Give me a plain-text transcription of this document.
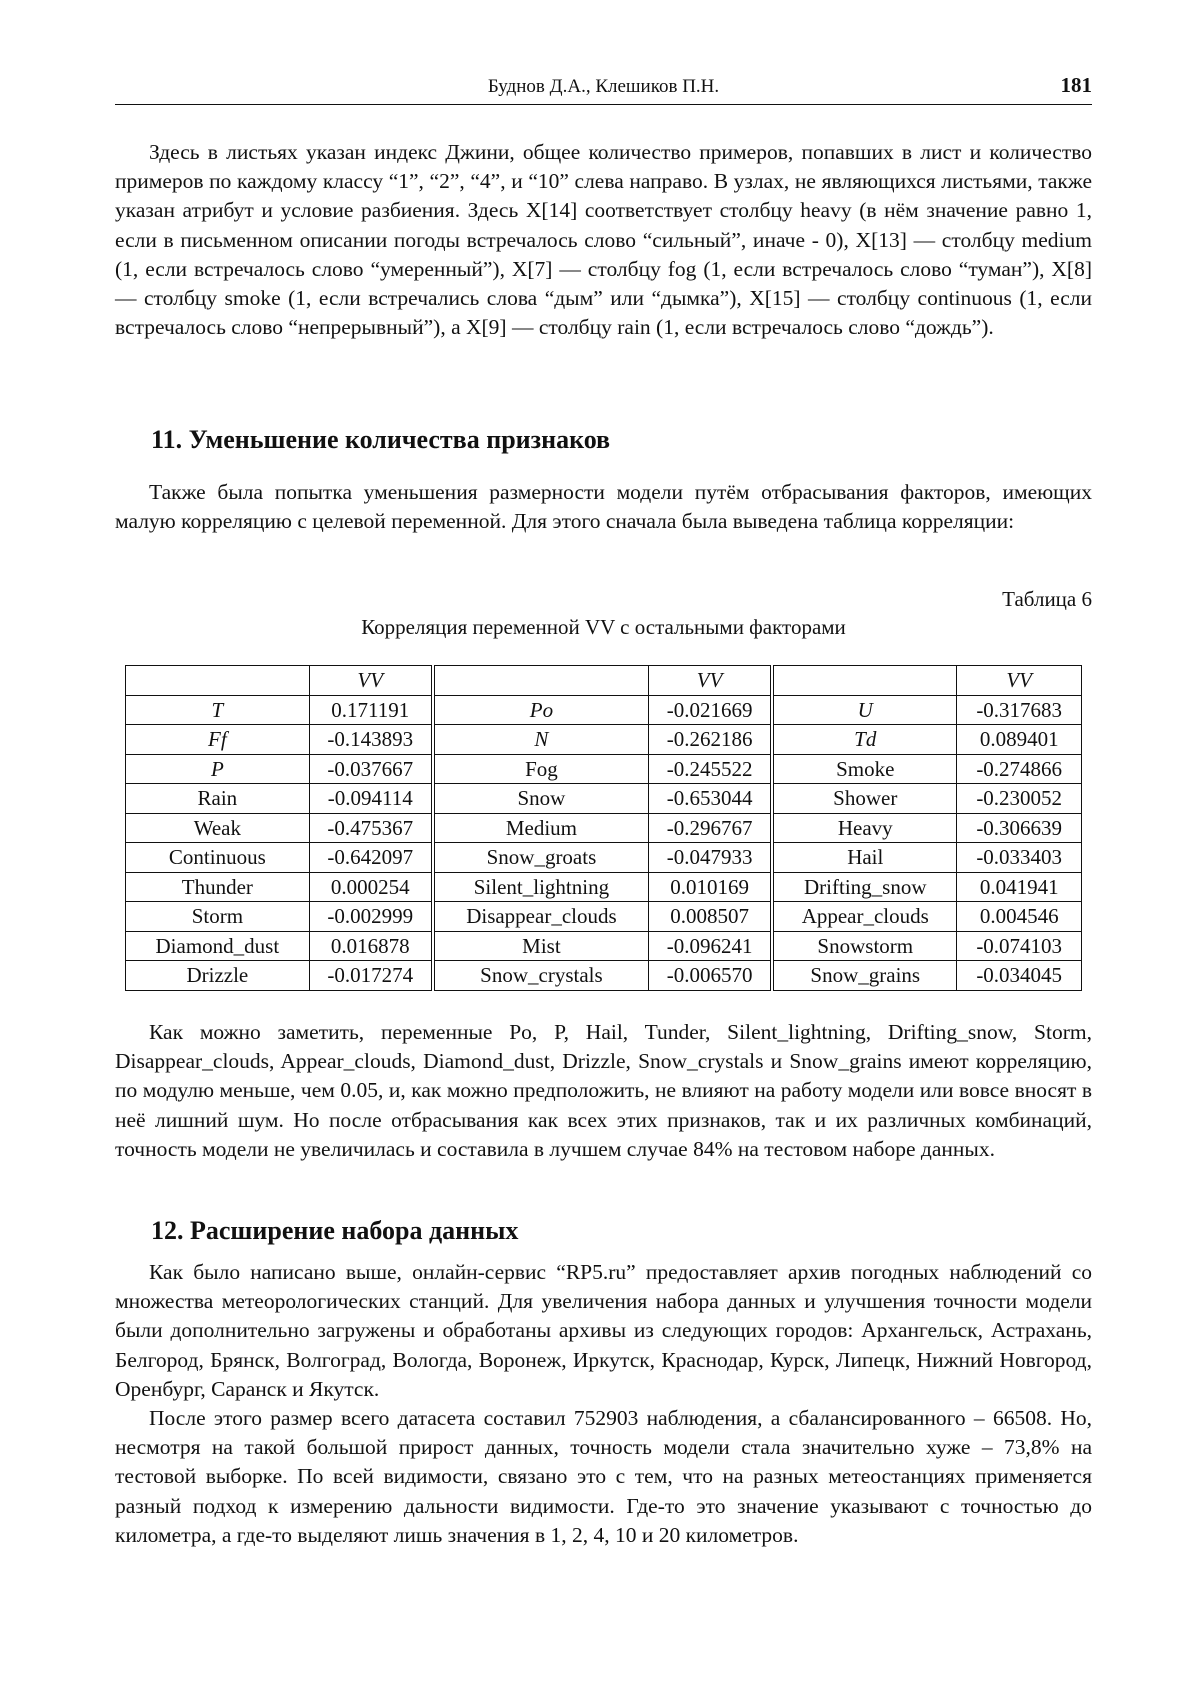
Буднов Д.А., Клешиков П.Н.	181

Здесь в листьях указан индекс Джини, общее количество примеров, попавших в лист и количество примеров по каждому классу “1”, “2”, “4”, и “10” слева направо. В узлах, не являющихся листьями, также указан атрибут и условие разбиения. Здесь X[14] соответствует столбцу heavy (в нём значение равно 1, если в письменном описании погоды встречалось слово “сильный”, иначе - 0), X[13] — столбцу medium (1, если встречалось слово “умеренный”), X[7] — столбцу fog (1, если встречалось слово “туман”), X[8] — столбцу smoke (1, если встречались слова “дым” или “дымка”), X[15] — столбцу continuous (1, если встречалось слово “непрерывный”), а X[9] — столбцу rain (1, если встречалось слово “дождь”).

11. Уменьшение количества признаков

Также была попытка уменьшения размерности модели путём отбрасывания факторов, имеющих малую корреляцию с целевой переменной. Для этого сначала была выведена таблица корреляции:

Таблица 6
Корреляция переменной VV с остальными факторами
	VV		VV		VV
T	0.171191	Po	-0.021669	U	-0.317683
Ff	-0.143893	N	-0.262186	Td	0.089401
P	-0.037667	Fog	-0.245522	Smoke	-0.274866
Rain	-0.094114	Snow	-0.653044	Shower	-0.230052
Weak	-0.475367	Medium	-0.296767	Heavy	-0.306639
Continuous	-0.642097	Snow_groats	-0.047933	Hail	-0.033403
Thunder	0.000254	Silent_lightning	0.010169	Drifting_snow	0.041941
Storm	-0.002999	Disappear_clouds	0.008507	Appear_clouds	0.004546
Diamond_dust	0.016878	Mist	-0.096241	Snowstorm	-0.074103
Drizzle	-0.017274	Snow_crystals	-0.006570	Snow_grains	-0.034045

Как можно заметить, переменные Po, P, Hail, Tunder, Silent_lightning, Drifting_snow, Storm, Disappear_clouds, Appear_clouds, Diamond_dust, Drizzle, Snow_crystals и Snow_grains имеют корреляцию, по модулю меньше, чем 0.05, и, как можно предположить, не влияют на работу модели или вовсе вносят в неё лишний шум. Но после отбрасывания как всех этих признаков, так и их различных комбинаций, точность модели не увеличилась и составила в лучшем случае 84% на тестовом наборе данных.

12. Расширение набора данных

Как было написано выше, онлайн-сервис “RP5.ru” предоставляет архив погодных наблюдений со множества метеорологических станций. Для увеличения набора данных и улучшения точности модели были дополнительно загружены и обработаны архивы из следующих городов: Архангельск, Астрахань, Белгород, Брянск, Волгоград, Вологда, Воронеж, Иркутск, Краснодар, Курск, Липецк, Нижний Новгород, Оренбург, Саранск и Якутск.

После этого размер всего датасета составил 752903 наблюдения, а сбалансированного – 66508. Но, несмотря на такой большой прирост данных, точность модели стала значительно хуже – 73,8% на тестовой выборке. По всей видимости, связано это с тем, что на разных метеостанциях применяется разный подход к измерению дальности видимости. Где-то это значение указывают с точностью до километра, а где-то выделяют лишь значения в 1, 2, 4, 10 и 20 километров.
